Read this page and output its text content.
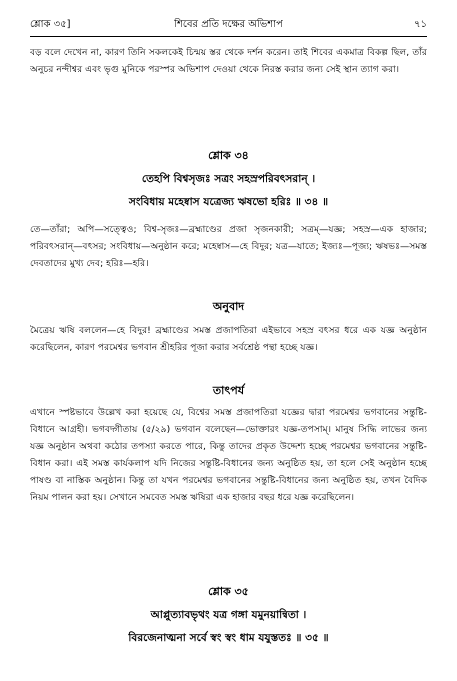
শ্লোক ৩৫]	শিবের প্রতি দক্ষের অভিশাপ	৭১
বড় বলে দেখেন না, কারণ তিনি সকলকেই চিন্ময় স্তর থেকে দর্শন করেন। তাই শিবের একমাত্র বিকল্প ছিল, তাঁর অনুচর নন্দীশ্বর এবং ভৃগু মুনিকে পরস্পর অভিশাপ দেওয়া থেকে নিরস্ত করার জন্য সেই স্থান ত্যাগ করা।
শ্লোক ৩৪
তেহপি বিশ্বসৃজঃ সত্রং সহস্রপরিবৎসরান্ ।
সংবিধায় মহেষ্বাস যত্রেজ্য ঋষভো হরিঃ ॥ ৩৪ ॥
তে—তাঁরা; অপি—সত্ত্বেও; বিশ্ব-সৃজঃ—ব্রহ্মাণ্ডের প্রজা সৃজনকারী; সত্রম্—যজ্ঞ; সহস্র—এক হাজার; পরিবৎসরান্—বৎসর; সংবিধায়—অনুষ্ঠান করে; মহেষ্বাস—হে বিদুর; যত্র—যাতে; ইজ্যঃ—পূজ্য; ঋষভঃ—সমস্ত দেবতাদের মুখ্য দেব; হরিঃ—হরি।
অনুবাদ
মৈত্রেয় ঋষি বললেন—হে বিদুর! ব্রহ্মাণ্ডের সমস্ত প্রজাপতিরা এইভাবে সহস্র বৎসর ধরে এক যজ্ঞ অনুষ্ঠান করেছিলেন, কারণ পরমেশ্বর ভগবান শ্রীহরির পূজা করার সর্বশ্রেষ্ঠ পন্থা হচ্ছে যজ্ঞ।
তাৎপর্য
এখানে স্পষ্টভাবে উল্লেখ করা হয়েছে যে, বিশ্বের সমস্ত প্রজাপতিরা যজ্ঞের দ্বারা পরমেশ্বর ভগবানের সন্তুষ্টি-বিধানে আগ্রহী। ভগবদ্গীতায় (৫/২৯) ভগবান বলেছেন—ভোক্তারং যজ্ঞ-তপসাম্। মানুষ সিদ্ধি লাভের জন্য যজ্ঞ অনুষ্ঠান অথবা কঠোর তপস্যা করতে পারে, কিন্তু তাদের প্রকৃত উদ্দেশ্য হচ্ছে পরমেশ্বর ভগবানের সন্তুষ্টি-বিধান করা। এই সমস্ত কার্যকলাপ যদি নিজের সন্তুষ্টি-বিধানের জন্য অনুষ্ঠিত হয়, তা হলে সেই অনুষ্ঠান হচ্ছে পাষণ্ড বা নাস্তিক অনুষ্ঠান। কিন্তু তা যখন পরমেশ্বর ভগবানের সন্তুষ্টি-বিধানের জন্য অনুষ্ঠিত হয়, তখন বৈদিক নিয়ম পালন করা হয়। সেখানে সমবেত সমস্ত ঋষিরা এক হাজার বছর ধরে যজ্ঞ করেছিলেন।
শ্লোক ৩৫
আপ্লুত্যাবভৃথং যত্র গঙ্গা যমুনয়ান্বিতা ।
বিরজেনাত্মনা সর্বে স্বং স্বং ধাম যযুস্ততঃ ॥ ৩৫ ॥
